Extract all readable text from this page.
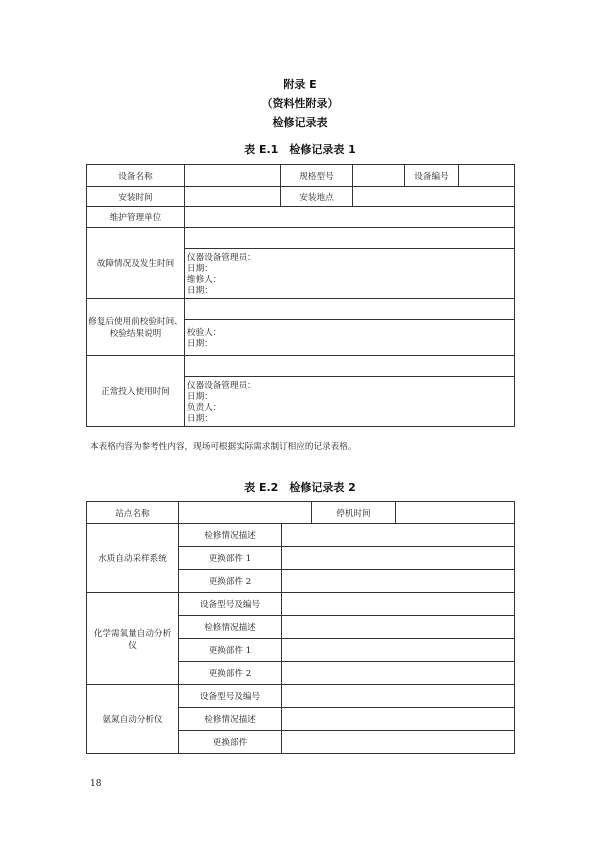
附录 E
（资料性附录）
检修记录表
表 E.1　检修记录表 1
设备名称		规格型号		设备编号	
安装时间		安装地点			
维护管理单位					
故障情况及发生时间					

	仪器设备管理员：
日期：
维修人：
日期：				

修复后使用前校验时间、
校验结果说明					

	校验人：
日期：				

正常投入使用时间					

	仪器设备管理员：
日期：
负责人：
日期：				
本表格内容为参考性内容，现场可根据实际需求制订相应的记录表格。
表 E.2　检修记录表 2
站点名称			停机时间	
水质自动采样系统	检修情况描述			
	更换部件 1			
	更换部件 2			

化学需氧量自动分析
仪	设备型号及编号			
	检修情况描述			
	更换部件 1			
	更换部件 2			
氨氮自动分析仪	设备型号及编号			
	检修情况描述			
	更换部件			
18
